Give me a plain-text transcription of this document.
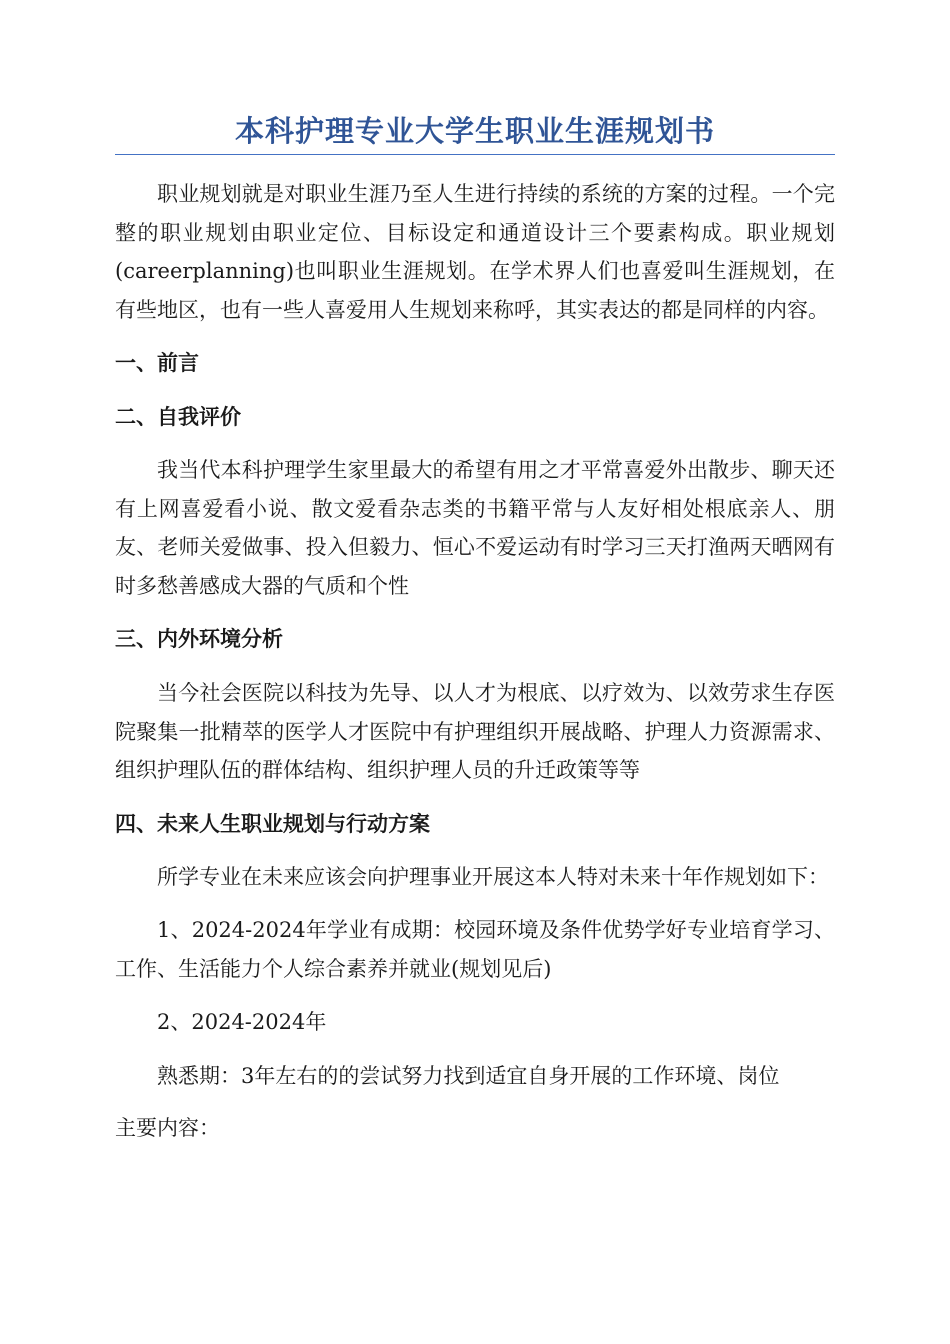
本科护理专业大学生职业生涯规划书

职业规划就是对职业生涯乃至人生进行持续的系统的方案的过程。一个完整的职业规划由职业定位、目标设定和通道设计三个要素构成。职业规划(careerplanning)也叫职业生涯规划。在学术界人们也喜爱叫生涯规划，在有些地区，也有一些人喜爱用人生规划来称呼，其实表达的都是同样的内容。

一、前言

二、自我评价

我当代本科护理学生家里最大的希望有用之才平常喜爱外出散步、聊天还有上网喜爱看小说、散文爱看杂志类的书籍平常与人友好相处根底亲人、朋友、老师关爱做事、投入但毅力、恒心不爱运动有时学习三天打渔两天晒网有时多愁善感成大器的气质和个性

三、内外环境分析

当今社会医院以科技为先导、以人才为根底、以疗效为、以效劳求生存医院聚集一批精萃的医学人才医院中有护理组织开展战略、护理人力资源需求、组织护理队伍的群体结构、组织护理人员的升迁政策等等

四、未来人生职业规划与行动方案

所学专业在未来应该会向护理事业开展这本人特对未来十年作规划如下：

1、2024-2024年学业有成期：校园环境及条件优势学好专业培育学习、工作、生活能力个人综合素养并就业(规划见后)

2、2024-2024年

熟悉期：3年左右的的尝试努力找到适宜自身开展的工作环境、岗位

主要内容：
